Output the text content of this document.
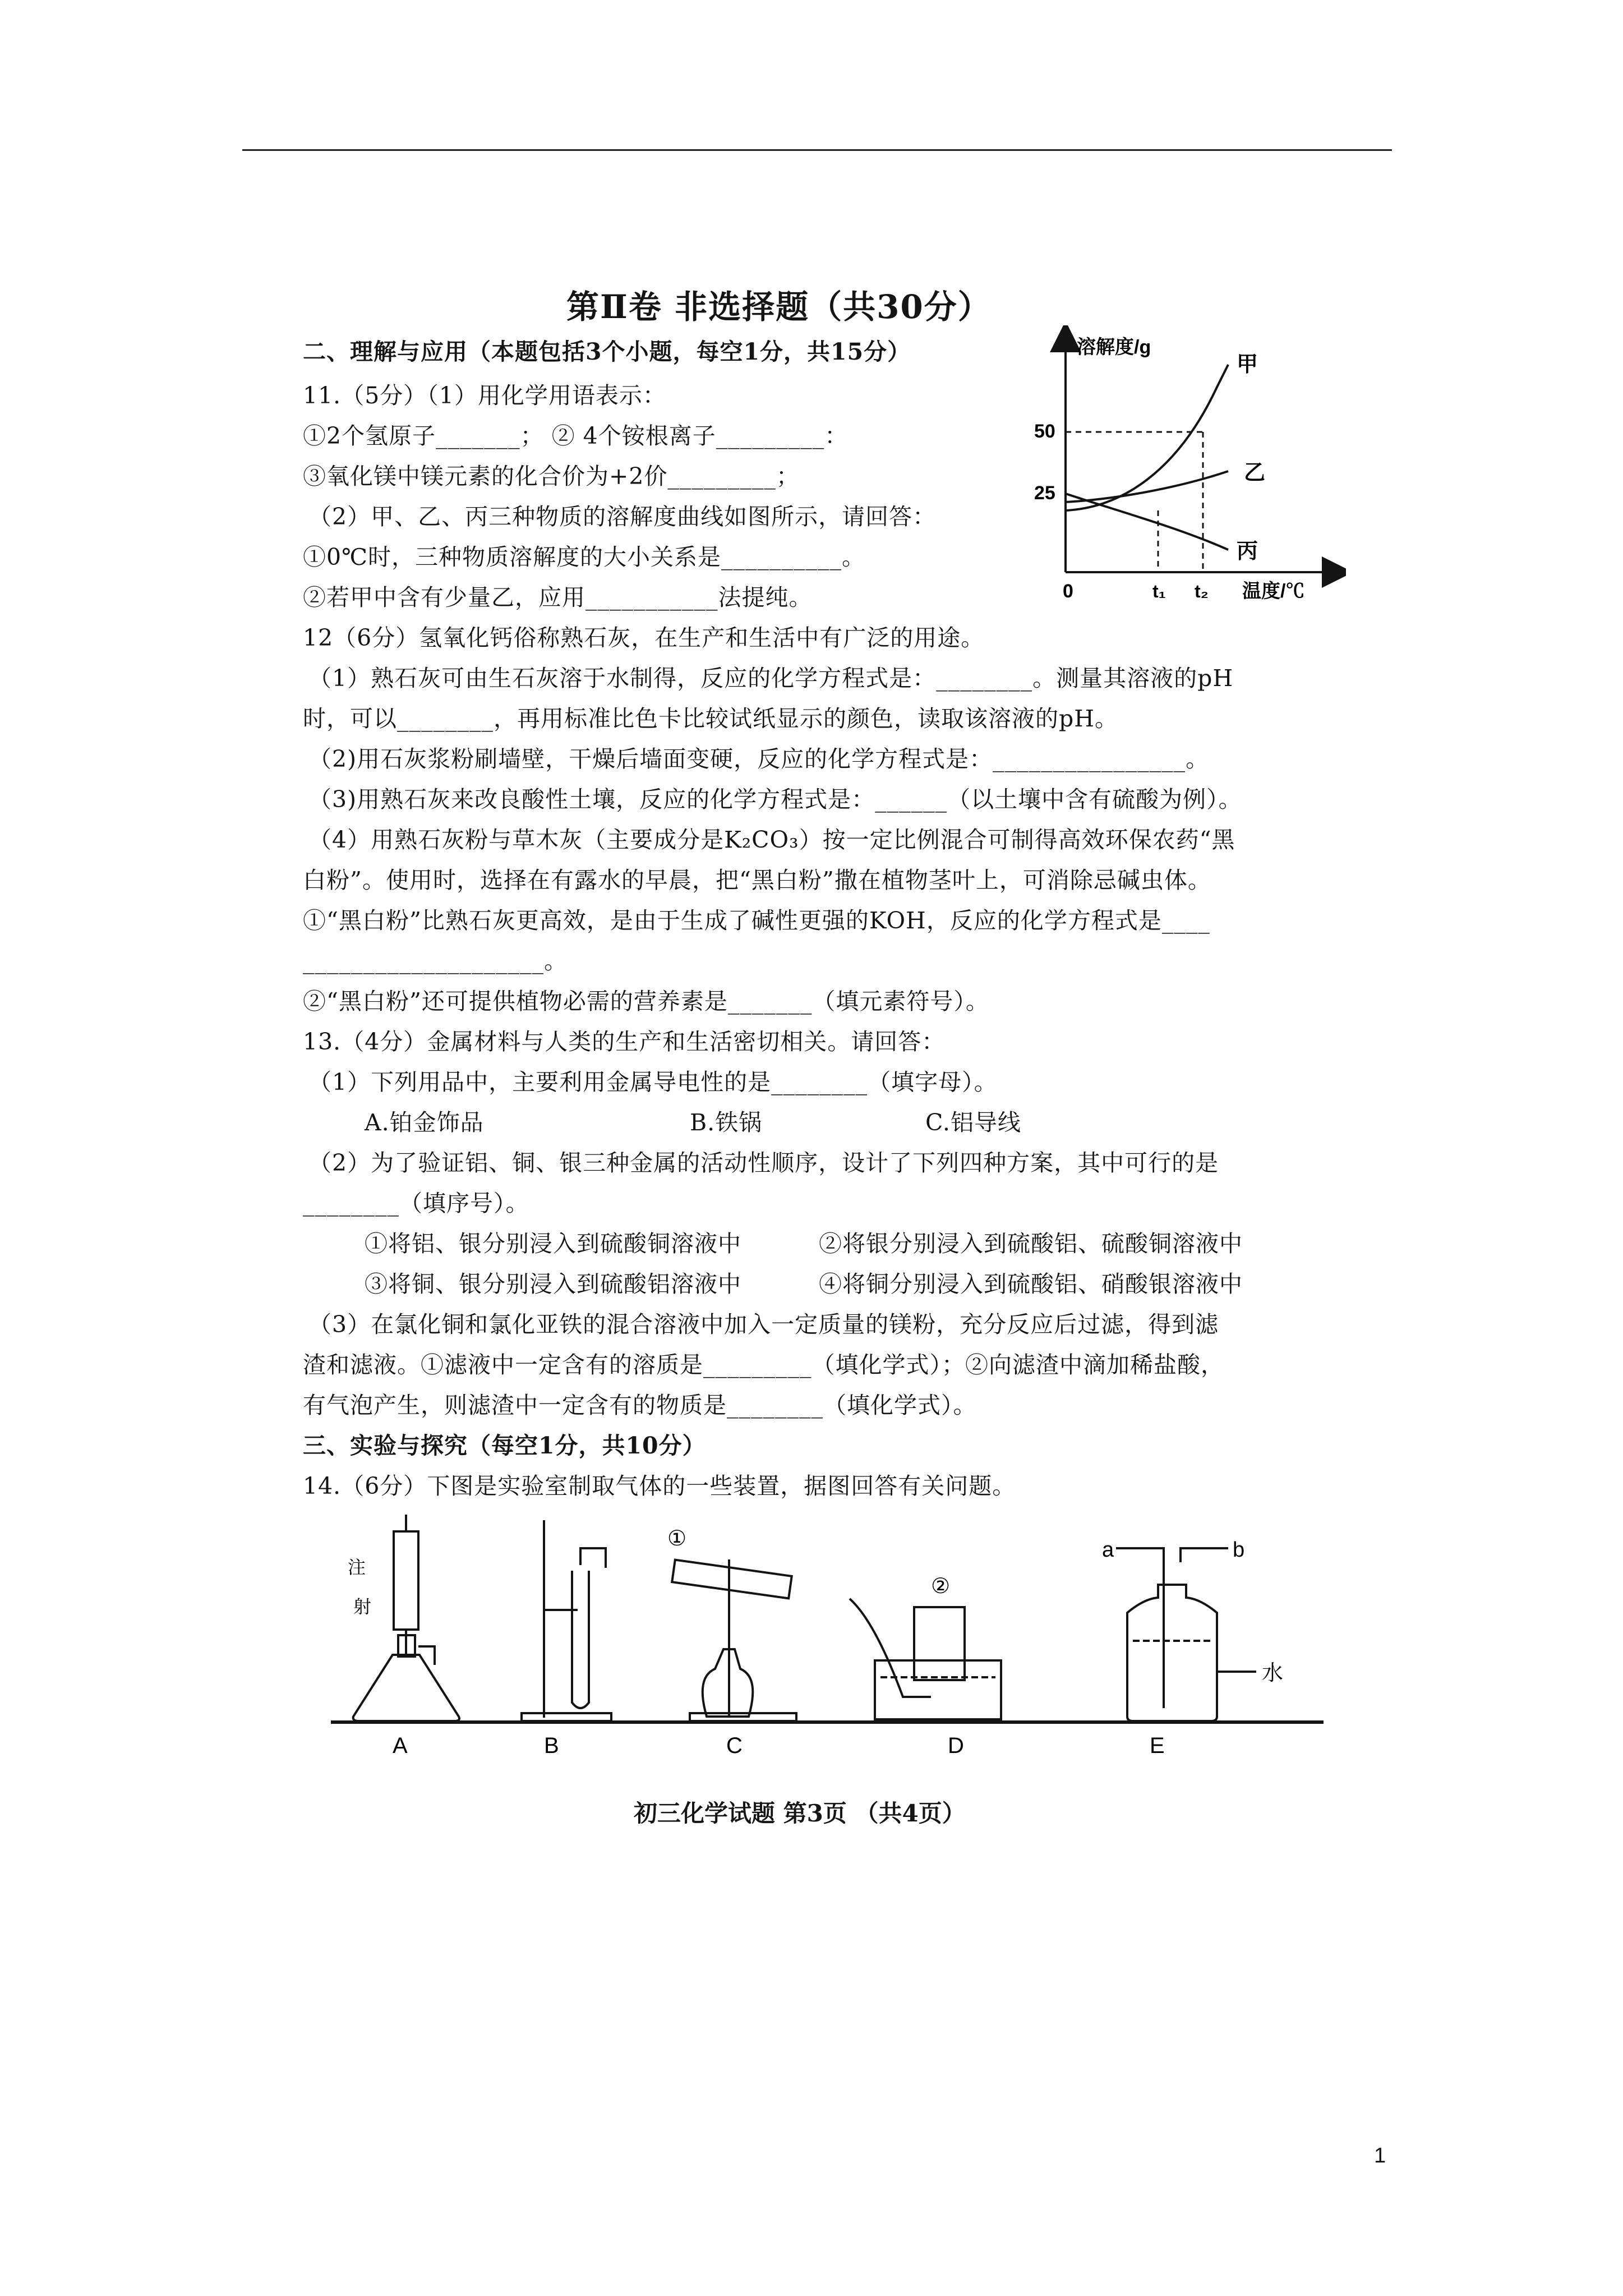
第Ⅱ卷 非选择题（共30分）
二、理解与应用（本题包括3个小题，每空1分，共15分）
11.（5分）（1）用化学用语表示：
①2个氢原子_______； ② 4个铵根离子_________：
③氧化镁中镁元素的化合价为+2价_________；
（2）甲、乙、丙三种物质的溶解度曲线如图所示，请回答：
①0℃时，三种物质溶解度的大小关系是__________。
②若甲中含有少量乙，应用___________法提纯。
12（6分）氢氧化钙俗称熟石灰，在生产和生活中有广泛的用途。
（1）熟石灰可由生石灰溶于水制得，反应的化学方程式是：________。测量其溶液的pH
时，可以________，再用标准比色卡比较试纸显示的颜色，读取该溶液的pH。
（2)用石灰浆粉刷墙壁，干燥后墙面变硬，反应的化学方程式是：________________。
（3)用熟石灰来改良酸性土壤，反应的化学方程式是：______（以土壤中含有硫酸为例）。
（4）用熟石灰粉与草木灰（主要成分是K₂CO₃）按一定比例混合可制得高效环保农药“黑
白粉”。使用时，选择在有露水的早晨，把“黑白粉”撒在植物茎叶上，可消除忌碱虫体。
①“黑白粉”比熟石灰更高效，是由于生成了碱性更强的KOH，反应的化学方程式是____
____________________。
②“黑白粉”还可提供植物必需的营养素是_______（填元素符号）。
13.（4分）金属材料与人类的生产和生活密切相关。请回答：
（1）下列用品中，主要利用金属导电性的是________（填字母）。
A.铂金饰品	B.铁锅	C.铝导线
（2）为了验证铝、铜、银三种金属的活动性顺序，设计了下列四种方案，其中可行的是
________（填序号）。
①将铝、银分别浸入到硫酸铜溶液中	②将银分别浸入到硫酸铝、硫酸铜溶液中
③将铜、银分别浸入到硫酸铝溶液中	④将铜分别浸入到硫酸铝、硝酸银溶液中
（3）在氯化铜和氯化亚铁的混合溶液中加入一定质量的镁粉，充分反应后过滤，得到滤
渣和滤液。①滤液中一定含有的溶质是_________（填化学式）；②向滤渣中滴加稀盐酸，
有气泡产生，则滤渣中一定含有的物质是________（填化学式）。
三、实验与探究（每空1分，共10分）
14.（6分）下图是实验室制取气体的一些装置，据图回答有关问题。
溶解度/g
温度/℃
0
50
25
t₁ t₂
甲
乙
丙
注
射
A	B
①
C
②
D
a	b
水
E
初三化学试题 第3页 （共4页）
1
